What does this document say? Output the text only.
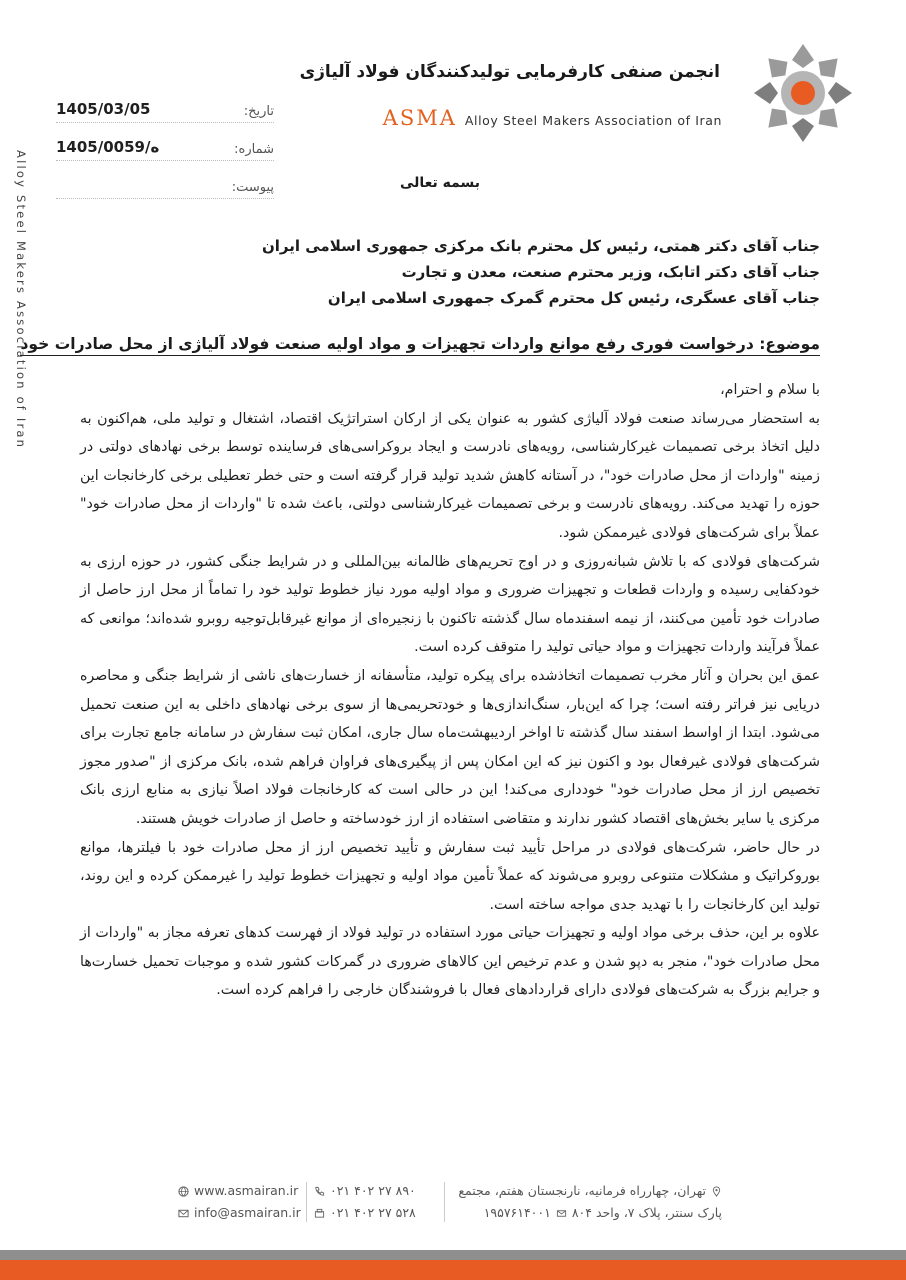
انجمن صنفی کارفرمایی تولیدکنندگان فولاد آلیاژی
ASMA Alloy Steel Makers Association of Iran
Alloy Steel Makers Association of Iran
تاریخ:
1405/03/05
شماره:
1405/0059/ه
پیوست:	بسمه تعالی
جناب آقای دکتر همتی، رئیس کل محترم بانک مرکزی جمهوری اسلامی ایران
جناب آقای دکتر اتابک، وزیر محترم صنعت، معدن و تجارت
جناب آقای عسگری، رئیس کل محترم گمرک جمهوری اسلامی ایران
موضوع: درخواست فوری رفع موانع واردات تجهیزات و مواد اولیه صنعت فولاد آلیاژی از محل صادرات خود

با سلام و احترام،

به استحضار می‌رساند صنعت فولاد آلیاژی کشور به عنوان یکی از ارکان استراتژیک اقتصاد، اشتغال و تولید ملی، هم‌اکنون به دلیل اتخاذ برخی تصمیمات غیرکارشناسی، رویه‌های نادرست و ایجاد بروکراسی‌های فرساینده توسط برخی نهادهای دولتی در زمینه "واردات از محل صادرات خود"، در آستانه کاهش شدید تولید قرار گرفته است و حتی خطر تعطیلی برخی کارخانجات این حوزه را تهدید می‌کند. رویه‌های نادرست و برخی تصمیمات غیرکارشناسی دولتی، باعث شده تا "واردات از محل صادرات خود" عملاً برای شرکت‌های فولادی غیرممکن شود.

شرکت‌های فولادی که با تلاش شبانه‌روزی و در اوج تحریم‌های ظالمانه بین‌المللی و در شرایط جنگی کشور، در حوزه ارزی به خودکفایی رسیده و واردات قطعات و تجهیزات ضروری و مواد اولیه مورد نیاز خطوط تولید خود را تماماً از محل ارز حاصل از صادرات خود تأمین می‌کنند، از نیمه اسفندماه سال گذشته تاکنون با زنجیره‌ای از موانع غیرقابل‌توجیه روبرو شده‌اند؛ موانعی که عملاً فرآیند واردات تجهیزات و مواد حیاتی تولید را متوقف کرده است.

عمق این بحران و آثار مخرب تصمیمات اتخاذشده برای پیکره تولید، متأسفانه از خسارت‌های ناشی از شرایط جنگی و محاصره دریایی نیز فراتر رفته است؛ چرا که این‌بار، سنگ‌اندازی‌ها و خودتحریمی‌ها از سوی برخی نهادهای داخلی به این صنعت تحمیل می‌شود. ابتدا از اواسط اسفند سال گذشته تا اواخر اردیبهشت‌ماه سال جاری، امکان ثبت سفارش در سامانه جامع تجارت برای شرکت‌های فولادی غیرفعال بود و اکنون نیز که این امکان پس از پیگیری‌های فراوان فراهم شده، بانک مرکزی از "صدور مجوز تخصیص ارز از محل صادرات خود" خودداری می‌کند! این در حالی است که کارخانجات فولاد اصلاً نیازی به منابع ارزی بانک مرکزی یا سایر بخش‌های اقتصاد کشور ندارند و متقاضی استفاده از ارز خودساخته و حاصل از صادرات خویش هستند.

در حال حاضر، شرکت‌های فولادی در مراحل تأیید ثبت سفارش و تأیید تخصیص ارز از محل صادرات خود با فیلترها، موانع بوروکراتیک و مشکلات متنوعی روبرو می‌شوند که عملاً تأمین مواد اولیه و تجهیزات خطوط تولید را غیرممکن کرده و این روند، تولید این کارخانجات را با تهدید جدی مواجه ساخته است.

علاوه بر این، حذف برخی مواد اولیه و تجهیزات حیاتی مورد استفاده در تولید فولاد از فهرست کدهای تعرفه مجاز به "واردات از محل صادرات خود"، منجر به دپو شدن و عدم ترخیص این کالاهای ضروری در گمرکات کشور شده و موجبات تحمیل خسارت‌ها و جرایم بزرگ به شرکت‌های فولادی دارای قراردادهای فعال با فروشندگان خارجی را فراهم کرده است.

www.asmairan.ir
info@asmairan.ir
۰۲۱ ۴۰۲ ۲۷ ۸۹۰
۰۲۱ ۴۰۲ ۲۷ ۵۲۸
تهران، چهارراه فرمانیه، نارنجستان هفتم، مجتمع
پارک سنتر، پلاک ۷، واحد ۸۰۴
۱۹۵۷۶۱۴۰۰۱
